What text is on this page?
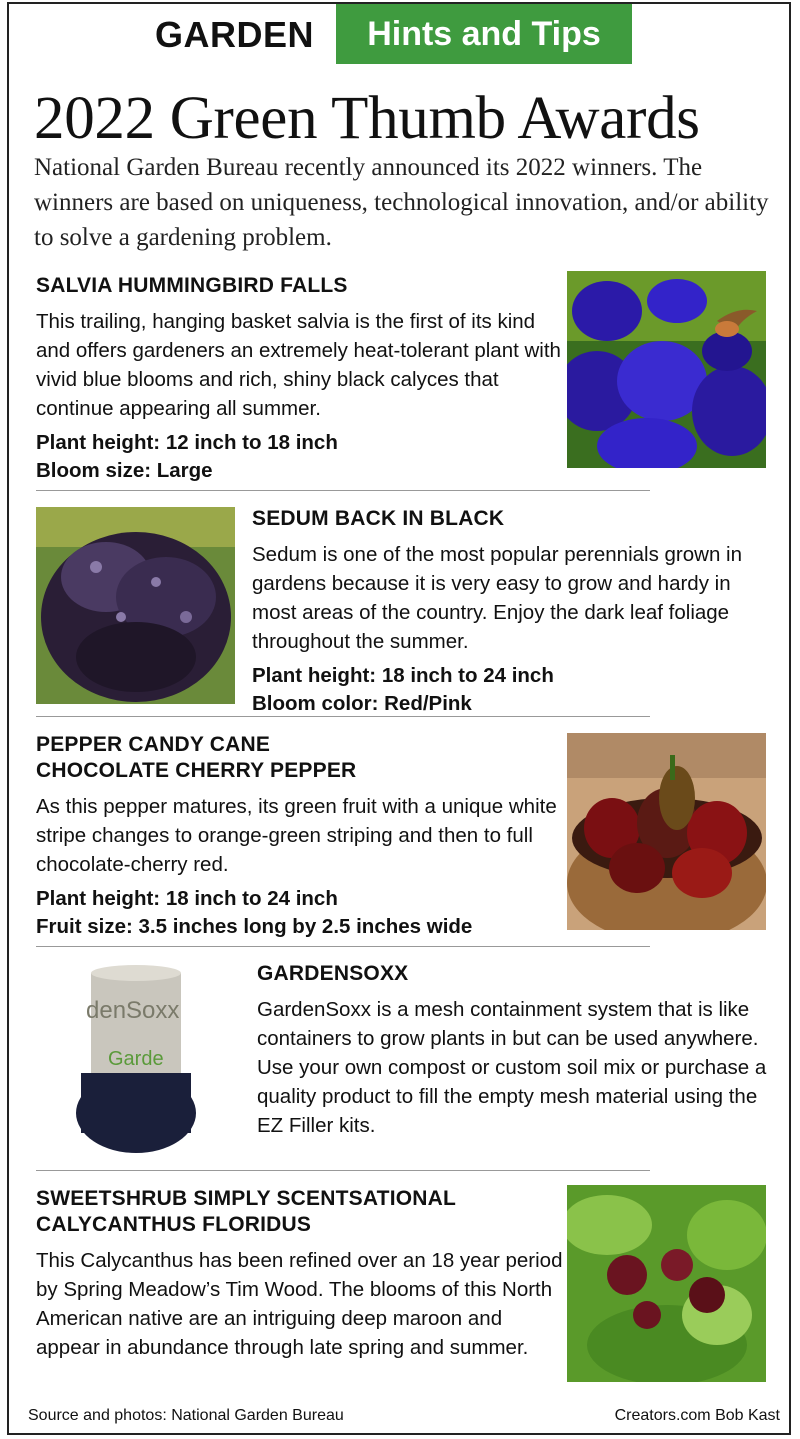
GARDEN	Hints and Tips
2022 Green Thumb Awards
National Garden Bureau recently announced its 2022 winners. The winners are based on uniqueness, technological innovation, and/or ability to solve a gardening problem.
SALVIA HUMMINGBIRD FALLS

This trailing, hanging basket salvia is the first of its kind and offers gardeners an extremely heat-tolerant plant with vivid blue blooms and rich, shiny black calyces that continue appearing all summer.

Plant height: 12 inch to 18 inch
Bloom size: Large
SEDUM BACK IN BLACK

Sedum is one of the most popular perennials grown in gardens because it is very easy to grow and hardy in most areas of the country. Enjoy the dark leaf foliage throughout the summer.

Plant height: 18 inch to 24 inch
Bloom color: Red/Pink
PEPPER CANDY CANE
CHOCOLATE CHERRY PEPPER

As this pepper matures, its green fruit with a unique white stripe changes to orange-green striping and then to full chocolate-cherry red.

Plant height: 18 inch to 24 inch
Fruit size: 3.5 inches long by 2.5 inches wide
denSoxx
Garde
GARDENSOXX

GardenSoxx is a mesh containment system that is like containers to grow plants in but can be used anywhere. Use your own compost or custom soil mix or purchase a quality product to fill the empty mesh material using the EZ Filler kits.

SWEETSHRUB SIMPLY SCENTSATIONAL
CALYCANTHUS FLORIDUS

This Calycanthus has been refined over an 18 year period by Spring Meadow’s Tim Wood. The blooms of this North American native are an intriguing deep maroon and appear in abundance through late spring and summer.

Source and photos: National Garden Bureau	Creators.com Bob Kast
